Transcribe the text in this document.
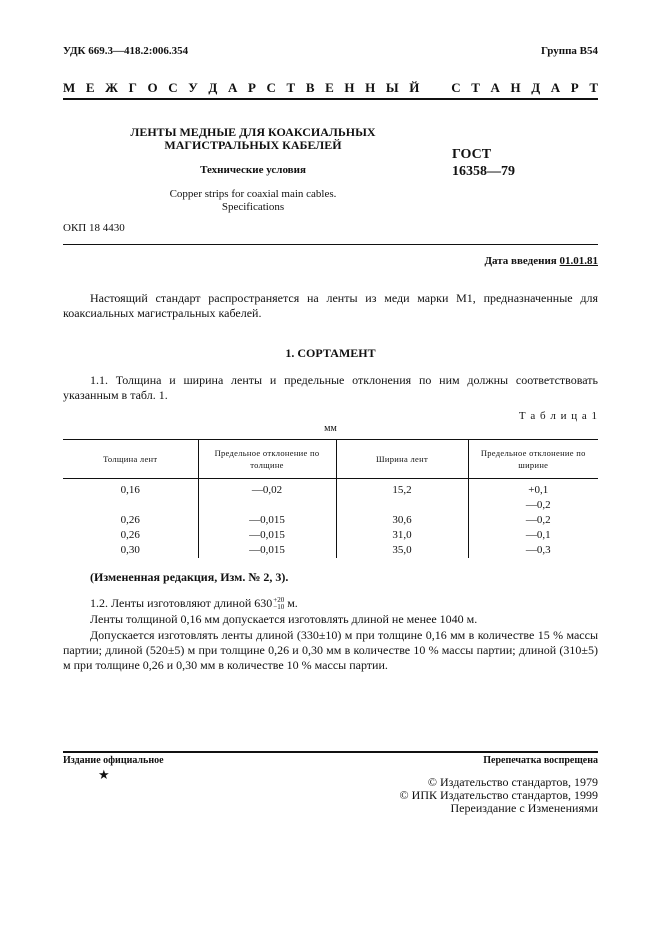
УДК 669.3—418.2:006.354	Группа B54
М Е Ж Г О С У Д А Р С Т В Е Н Н Ы Й С Т А Н Д А Р Т
ЛЕНТЫ МЕДНЫЕ ДЛЯ КОАКСИАЛЬНЫХ
МАГИСТРАЛЬНЫХ КАБЕЛЕЙ
Технические условия
Copper strips for coaxial main cables.
Specifications
ГОСТ
16358—79
ОКП 18 4430
Дата введения 01.01.81
Настоящий стандарт распространяется на ленты из меди марки М1, предназначенные для коаксиальных магистральных кабелей.
1. СОРТАМЕНТ
1.1. Толщина и ширина ленты и предельные отклонения по ним должны соответствовать указанным в табл. 1.
Т а б л и ц а 1
мм
Толщина лент	Предельное отклонение по толщине	Ширина лент	Предельное отклонение по ширине
0,16	—0,02	15,2	+0,1
			—0,2
0,26	—0,015	30,6	—0,2
0,26	—0,015	31,0	—0,1
0,30	—0,015	35,0	—0,3
(Измененная редакция, Изм. № 2, 3).
1.2. Ленты изготовляют длиной 630 +20
−10 м.
Ленты толщиной 0,16 мм допускается изготовлять длиной не менее 1040 м.
Допускается изготовлять ленты длиной (330±10) м при толщине 0,16 мм в количестве 15 % массы партии; длиной (520±5) м при толщине 0,26 и 0,30 мм в количестве 10 % массы партии; длиной (310±5) м при толщине 0,26 и 0,30 мм в количестве 10 % массы партии.
Издание официальное	Перепечатка воспрещена
★	© Издательство стандартов, 1979
© ИПК Издательство стандартов, 1999
Переиздание с Изменениями
